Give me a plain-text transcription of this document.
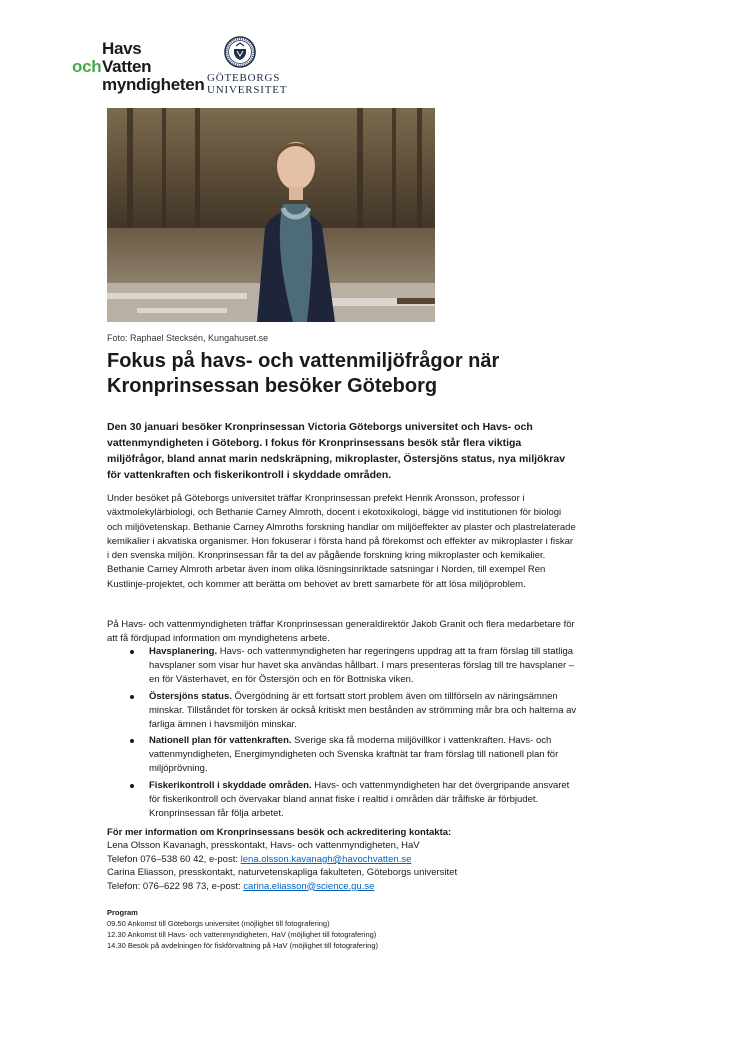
Havs
och Vatten
myndigheten GÖTEBORGS
UNIVERSITET
Foto: Raphael Stecksén, Kungahuset.se
Fokus på havs- och vattenmiljöfrågor när Kronprinsessan besöker Göteborg

Den 30 januari besöker Kronprinsessan Victoria Göteborgs universitet och Havs- och vattenmyndigheten i Göteborg. I fokus för Kronprinsessans besök står flera viktiga miljöfrågor, bland annat marin nedskräpning, mikroplaster, Östersjöns status, nya miljökrav för vattenkraften och fiskerikontroll i skyddade områden.

Under besöket på Göteborgs universitet träffar Kronprinsessan prefekt Henrik Aronsson, professor i växtmolekylärbiologi, och Bethanie Carney Almroth, docent i ekotoxikologi, bägge vid institutionen för biologi och miljövetenskap. Bethanie Carney Almroths forskning handlar om miljöeffekter av plaster och plastrelaterade kemikalier i akvatiska organismer. Hon fokuserar i första hand på förekomst och effekter av mikroplaster i fiskar i den svenska miljön. Kronprinsessan får ta del av pågående forskning kring mikroplaster och kemikalier. Bethanie Carney Almroth arbetar även inom olika lösningsinriktade satsningar i Norden, till exempel Ren Kustlinje-projektet, och kommer att berätta om behovet av brett samarbete för att lösa miljöproblem.

På Havs- och vattenmyndigheten träffar Kronprinsessan generaldirektör Jakob Granit och flera medarbetare för att få fördjupad information om myndighetens arbete.

Havsplanering. Havs- och vattenmyndigheten har regeringens uppdrag att ta fram förslag till statliga havsplaner som visar hur havet ska användas hållbart. I mars presenteras förslag till tre havsplaner – en för Västerhavet, en för Östersjön och en för Bottniska viken.
Östersjöns status. Övergödning är ett fortsatt stort problem även om tillförseln av näringsämnen minskar. Tillståndet för torsken är också kritiskt men bestånden av strömming mår bra och halterna av farliga ämnen i havsmiljön minskar.
Nationell plan för vattenkraften. Sverige ska få moderna miljövillkor i vattenkraften. Havs- och vattenmyndigheten, Energimyndigheten och Svenska kraftnät tar fram förslag till nationell plan för miljöprövning.
Fiskerikontroll i skyddade områden. Havs- och vattenmyndigheten har det övergripande ansvaret för fiskerikontroll och övervakar bland annat fiske i realtid i områden där trålfiske är förbjudet. Kronprinsessan får följa arbetet.
För mer information om Kronprinsessans besök och ackreditering kontakta:
Lena Olsson Kavanagh, presskontakt, Havs- och vattenmyndigheten, HaV
Telefon 076–538 60 42, e-post: lena.olsson.kavanagh@havochvatten.se
Carina Eliasson, presskontakt, naturvetenskapliga fakulteten, Göteborgs universitet
Telefon: 076–622 98 73, e-post: carina.eliasson@science.gu.se
Program
09.50 Ankomst till Göteborgs universitet (möjlighet till fotografering)
12.30 Ankomst till Havs- och vattenmyndigheten, HaV (möjlighet till fotografering)
14.30 Besök på avdelningen för fiskförvaltning på HaV (möjlighet till fotografering)
